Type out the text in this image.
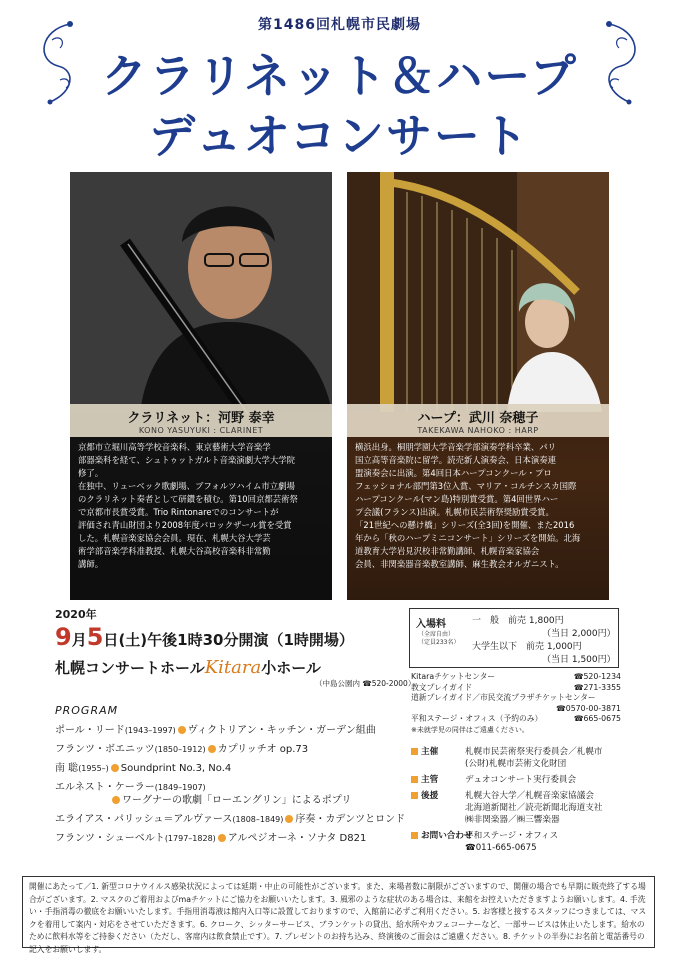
第1486回札幌市民劇場
クラリネット＆ハープ
デュオコンサート
クラリネット：河野 泰幸
KONO YASUYUKI : CLARINET
京都市立堀川高等学校音楽科、東京藝術大学音楽学
部器楽科を経て、シュトゥットガルト音楽演劇大学大学院
修了。
在独中、リューベック歌劇場、ブフォルツハイム市立劇場
のクラリネット奏者として研鑽を積む。第10回京都芸術祭
で京都市長賞受賞。Trio Rintonareでのコンサートが
評価され青山財団より2008年度バロックザール賞を受賞
した。札幌音楽家協会会員。現在、札幌大谷大学芸
術学部音楽学科准教授、札幌大谷高校音楽科非常勤
講師。
ハープ：武川 奈穂子
TAKEKAWA NAHOKO : HARP
横浜出身。桐朋学園大学音楽学部演奏学科卒業、パリ
国立高等音楽院に留学。読売新人演奏会、日本演奏連
盟演奏会に出演。第4回日本ハープコンクール・プロ
フェッショナル部門第3位入賞、マリア・コルチンスカ国際
ハープコンクール(マン島)特別賞受賞。第4回世界ハー
プ会議(フランス)出演。札幌市民芸術祭奨励賞受賞。
「21世紀への懸け橋」シリーズ(全3回)を開催、また2016
年から「秋のハープミニコンサート」シリーズを開始。北海
道教育大学岩見沢校非常勤講師、札幌音楽家協会
会員、非関楽器音楽教室講師、麻生教会オルガニスト。
2020年
9月5日(土)午後1時30分開演（1時開場）
札幌コンサートホールKitara小ホール
（中島公園内 ☎520-2000）
PROGRAM
ポール・リード(1943–1997) ヴィクトリアン・キッチン・ガーデン組曲
フランツ・ボエニッツ(1850–1912) カプリッチオ op.73
南 聡(1955–) Soundprint No.3, No.4
エルネスト・ケーラー(1849–1907)
ワーグナーの歌劇「ローエングリン」によるポプリ
エライアス・パリッシュ＝アルヴァース(1808–1849) 序奏・カデンツとロンド
フランツ・シューベルト(1797–1828) アルペジオーネ・ソナタ D821
入場料
（全席自由）
（定員233名）
一　般　 前売 1,800円
（当日 2,000円）
大学生以下　 前売 1,000円
（当日 1,500円）
Kitaraチケットセンター	☎520-1234
教文プレイガイド	☎271-3355
道新プレイガイド／市民交流プラザチケットセンター
☎0570-00-3871
平和ステージ・オフィス（予約のみ）	☎665-0675
※未就学児の同伴はご遠慮ください。
主催	札幌市民芸術祭実行委員会／札幌市
(公財)札幌市芸術文化財団
主管	デュオコンサート実行委員会
後援	札幌大谷大学／札幌音楽家協議会
北海道新聞社／読売新聞北海道支社
㈱非関楽器／㈱三響楽器
お問い合わせ
平和ステージ・オフィス
☎011-665-0675
開催にあたって／1. 新型コロナウイルス感染状況によっては延期・中止の可能性がございます。また、来場者数に制限がございますので、開催の場合でも早期に販売終了する場合がございます。2. マスクのご着用およびmaチケットにご協力をお願いいたします。3. 風邪のような症状のある場合は、来館をお控えいただきますようお願いします。4. 手洗い・手指消毒の徹底をお願いいたします。手指用消毒液は館内入口等に設置しておりますので、入館前に必ずご利用ください。5. お客様と接するスタッフにつきましては、マスクを着用して案内・対応をさせていただきます。6. クローク、シッターサービス、ブランケットの貸出、給水所やカフェコーナーなど、一部サービスは休止いたします。給水のために飲料水等をご持参ください（ただし、客席内は飲食禁止です）。7. プレゼントのお持ち込み、終演後のご面会はご遠慮ください。8. チケットの半券にお名前と電話番号の記入をお願いします。
